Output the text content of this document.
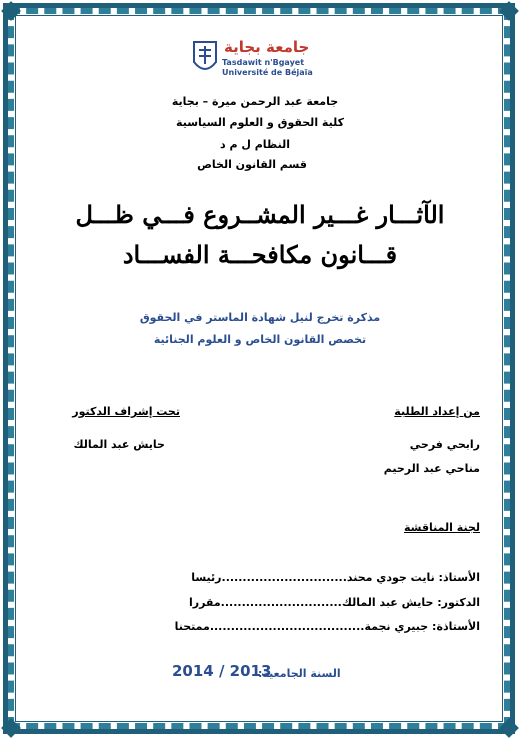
جامعة بجاية
Tasdawit n'Bgayet
Université de Béjaïa
جامعة عبد الرحمن ميرة – بجاية
كلية الحقوق و العلوم السياسية
النظام ل م د
قسم القانون الخاص
الآثـــار غـــير المشــروع فـــي ظـــل
قـــانون مكافحـــة الفســـاد
مذكرة تخرج لنيل شهادة الماستر في الحقوق
تخصص القانون الخاص و العلوم الجنائية
من إعداد الطلبة
رابحي فرحي
مناحي عبد الرحيم
تحت إشراف الدكتور
حايش عبد المالك
لجنة المناقشة
الأستاذ: نايت جودي محند..............................رئيسا
الدكتور: حايش عبد المالك.............................مقررا
الأستاذة: جبيري نجمة.....................................ممتحنا
السنة الجامعية:
2014 / 2013
